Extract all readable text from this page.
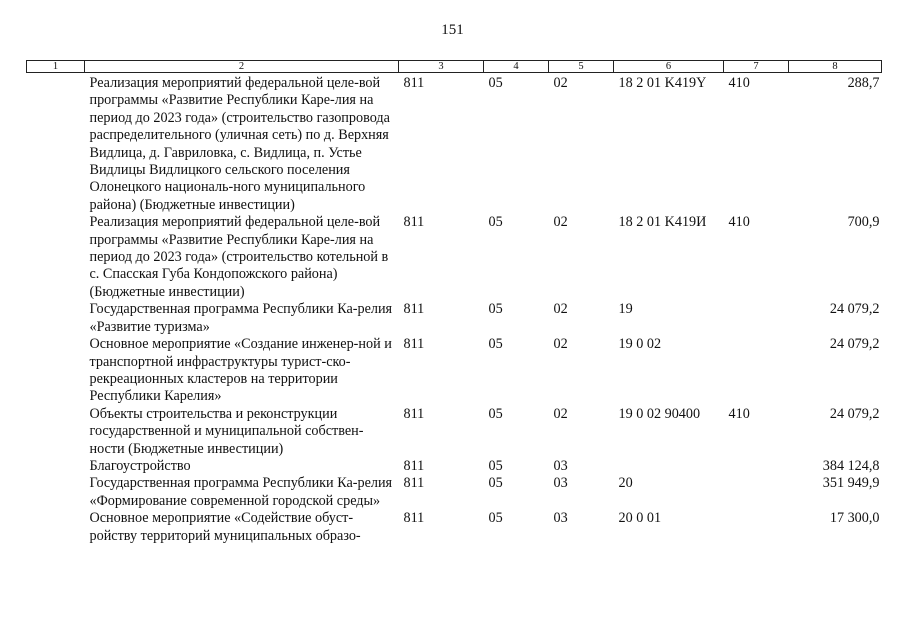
151
1	2	3	4	5	6	7	8
	Реализация мероприятий федеральной целе-вой программы «Развитие Республики Каре-лия на период до 2023 года» (строительство газопровода распределительного (уличная сеть) по д. Верхняя Видлица, д. Гавриловка, с. Видлица, п. Устье Видлицы Видлицкого сельского поселения Олонецкого националь-ного муниципального района) (Бюджетные инвестиции)	811	05	02	18 2 01 K419Y	410	288,7
	Реализация мероприятий федеральной целе-вой программы «Развитие Республики Каре-лия на период до 2023 года» (строительство котельной в с. Спасская Губа Кондопожского района) (Бюджетные инвестиции)	811	05	02	18 2 01 K419И	410	700,9
	Государственная программа Республики Ка-релия «Развитие туризма»	811	05	02	19		24 079,2
	Основное мероприятие «Создание инженер-ной и транспортной инфраструктуры турист-ско-рекреационных кластеров на территории Республики Карелия»	811	05	02	19 0 02		24 079,2
	Объекты строительства и реконструкции государственной и муниципальной собствен-ности (Бюджетные инвестиции)	811	05	02	19 0 02 90400	410	24 079,2
	Благоустройство	811	05	03			384 124,8
	Государственная программа Республики Ка-релия «Формирование современной городской среды»	811	05	03	20		351 949,9
	Основное мероприятие «Содействие обуст-ройству территорий муниципальных образо-	811	05	03	20 0 01		17 300,0
